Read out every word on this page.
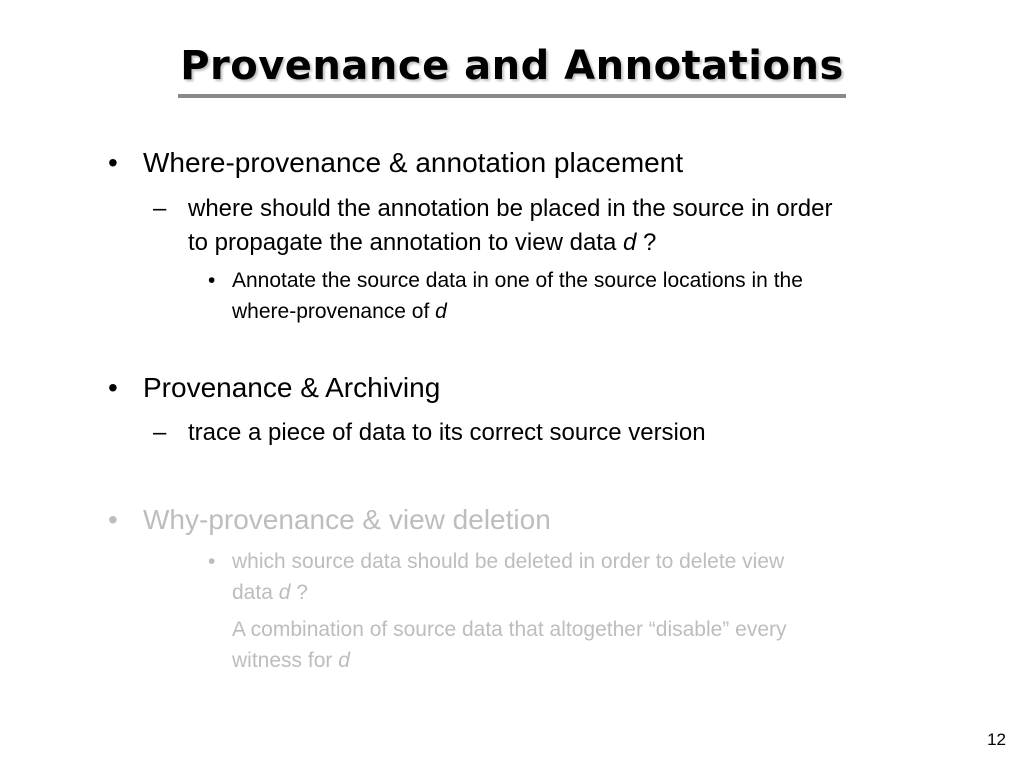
Provenance and Annotations
• Where-provenance & annotation placement
– where should the annotation be placed in the source in order
to propagate the annotation to view data d ?
• Annotate the source data in one of the source locations in the
where-provenance of d
• Provenance & Archiving
– trace a piece of data to its correct source version
• Why-provenance & view deletion
• which source data should be deleted in order to delete view
data d ?
A combination of source data that altogether “disable” every
witness for d
12
